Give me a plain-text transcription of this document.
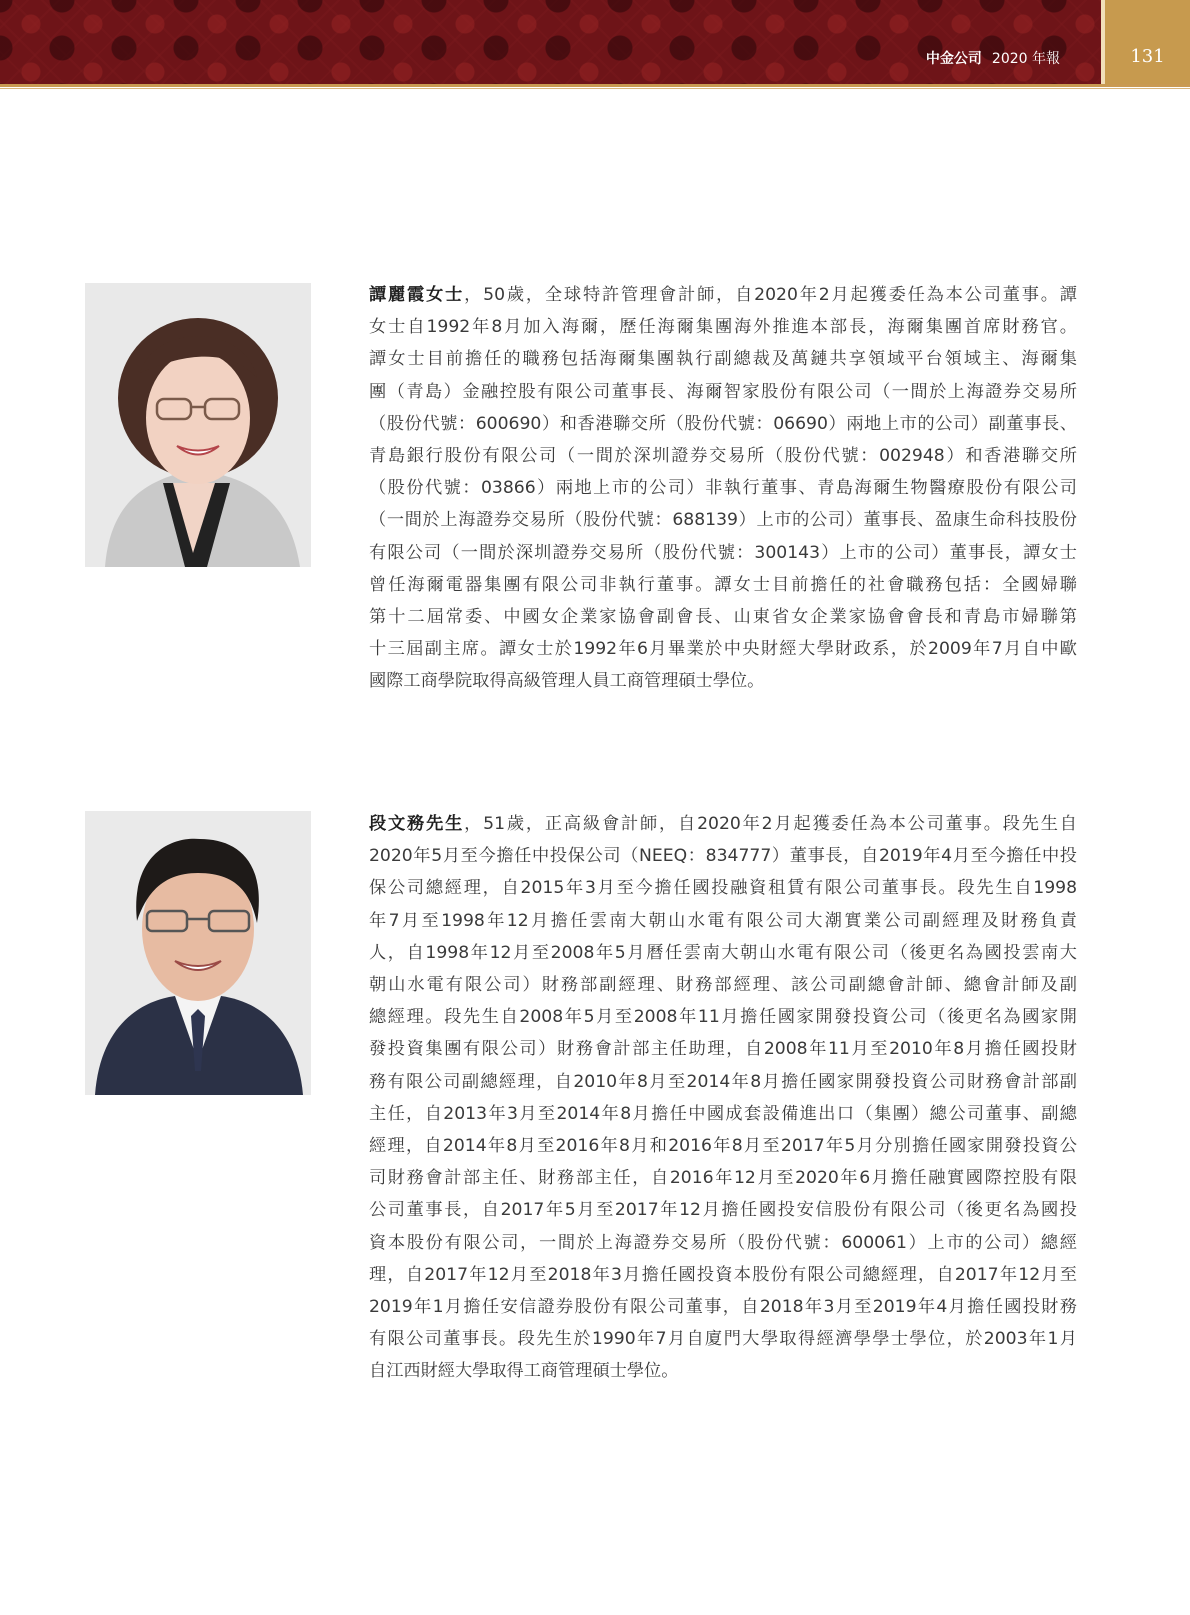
中金公司 2020 年報	131
譚麗霞女士，50歲，全球特許管理會計師，自2020年2月起獲委任為本公司董事。譚
女士自1992年8月加入海爾，歷任海爾集團海外推進本部長，海爾集團首席財務官。
譚女士目前擔任的職務包括海爾集團執行副總裁及萬鏈共享領域平台領域主、海爾集
團（青島）金融控股有限公司董事長、海爾智家股份有限公司（一間於上海證券交易所
（股份代號：600690）和香港聯交所（股份代號：06690）兩地上市的公司）副董事長、
青島銀行股份有限公司（一間於深圳證券交易所（股份代號：002948）和香港聯交所
（股份代號：03866）兩地上市的公司）非執行董事、青島海爾生物醫療股份有限公司
（一間於上海證券交易所（股份代號：688139）上市的公司）董事長、盈康生命科技股份
有限公司（一間於深圳證券交易所（股份代號：300143）上市的公司）董事長，譚女士
曾任海爾電器集團有限公司非執行董事。譚女士目前擔任的社會職務包括：全國婦聯
第十二屆常委、中國女企業家協會副會長、山東省女企業家協會會長和青島市婦聯第
十三屆副主席。譚女士於1992年6月畢業於中央財經大學財政系，於2009年7月自中歐
國際工商學院取得高級管理人員工商管理碩士學位。
段文務先生，51歲，正高級會計師，自2020年2月起獲委任為本公司董事。段先生自
2020年5月至今擔任中投保公司（NEEQ：834777）董事長，自2019年4月至今擔任中投
保公司總經理，自2015年3月至今擔任國投融資租賃有限公司董事長。段先生自1998
年7月至1998年12月擔任雲南大朝山水電有限公司大潮實業公司副經理及財務負責
人，自1998年12月至2008年5月曆任雲南大朝山水電有限公司（後更名為國投雲南大
朝山水電有限公司）財務部副經理、財務部經理、該公司副總會計師、總會計師及副
總經理。段先生自2008年5月至2008年11月擔任國家開發投資公司（後更名為國家開
發投資集團有限公司）財務會計部主任助理，自2008年11月至2010年8月擔任國投財
務有限公司副總經理，自2010年8月至2014年8月擔任國家開發投資公司財務會計部副
主任，自2013年3月至2014年8月擔任中國成套設備進出口（集團）總公司董事、副總
經理，自2014年8月至2016年8月和2016年8月至2017年5月分別擔任國家開發投資公
司財務會計部主任、財務部主任，自2016年12月至2020年6月擔任融實國際控股有限
公司董事長，自2017年5月至2017年12月擔任國投安信股份有限公司（後更名為國投
資本股份有限公司，一間於上海證券交易所（股份代號：600061）上市的公司）總經
理，自2017年12月至2018年3月擔任國投資本股份有限公司總經理，自2017年12月至
2019年1月擔任安信證券股份有限公司董事，自2018年3月至2019年4月擔任國投財務
有限公司董事長。段先生於1990年7月自廈門大學取得經濟學學士學位，於2003年1月
自江西財經大學取得工商管理碩士學位。
